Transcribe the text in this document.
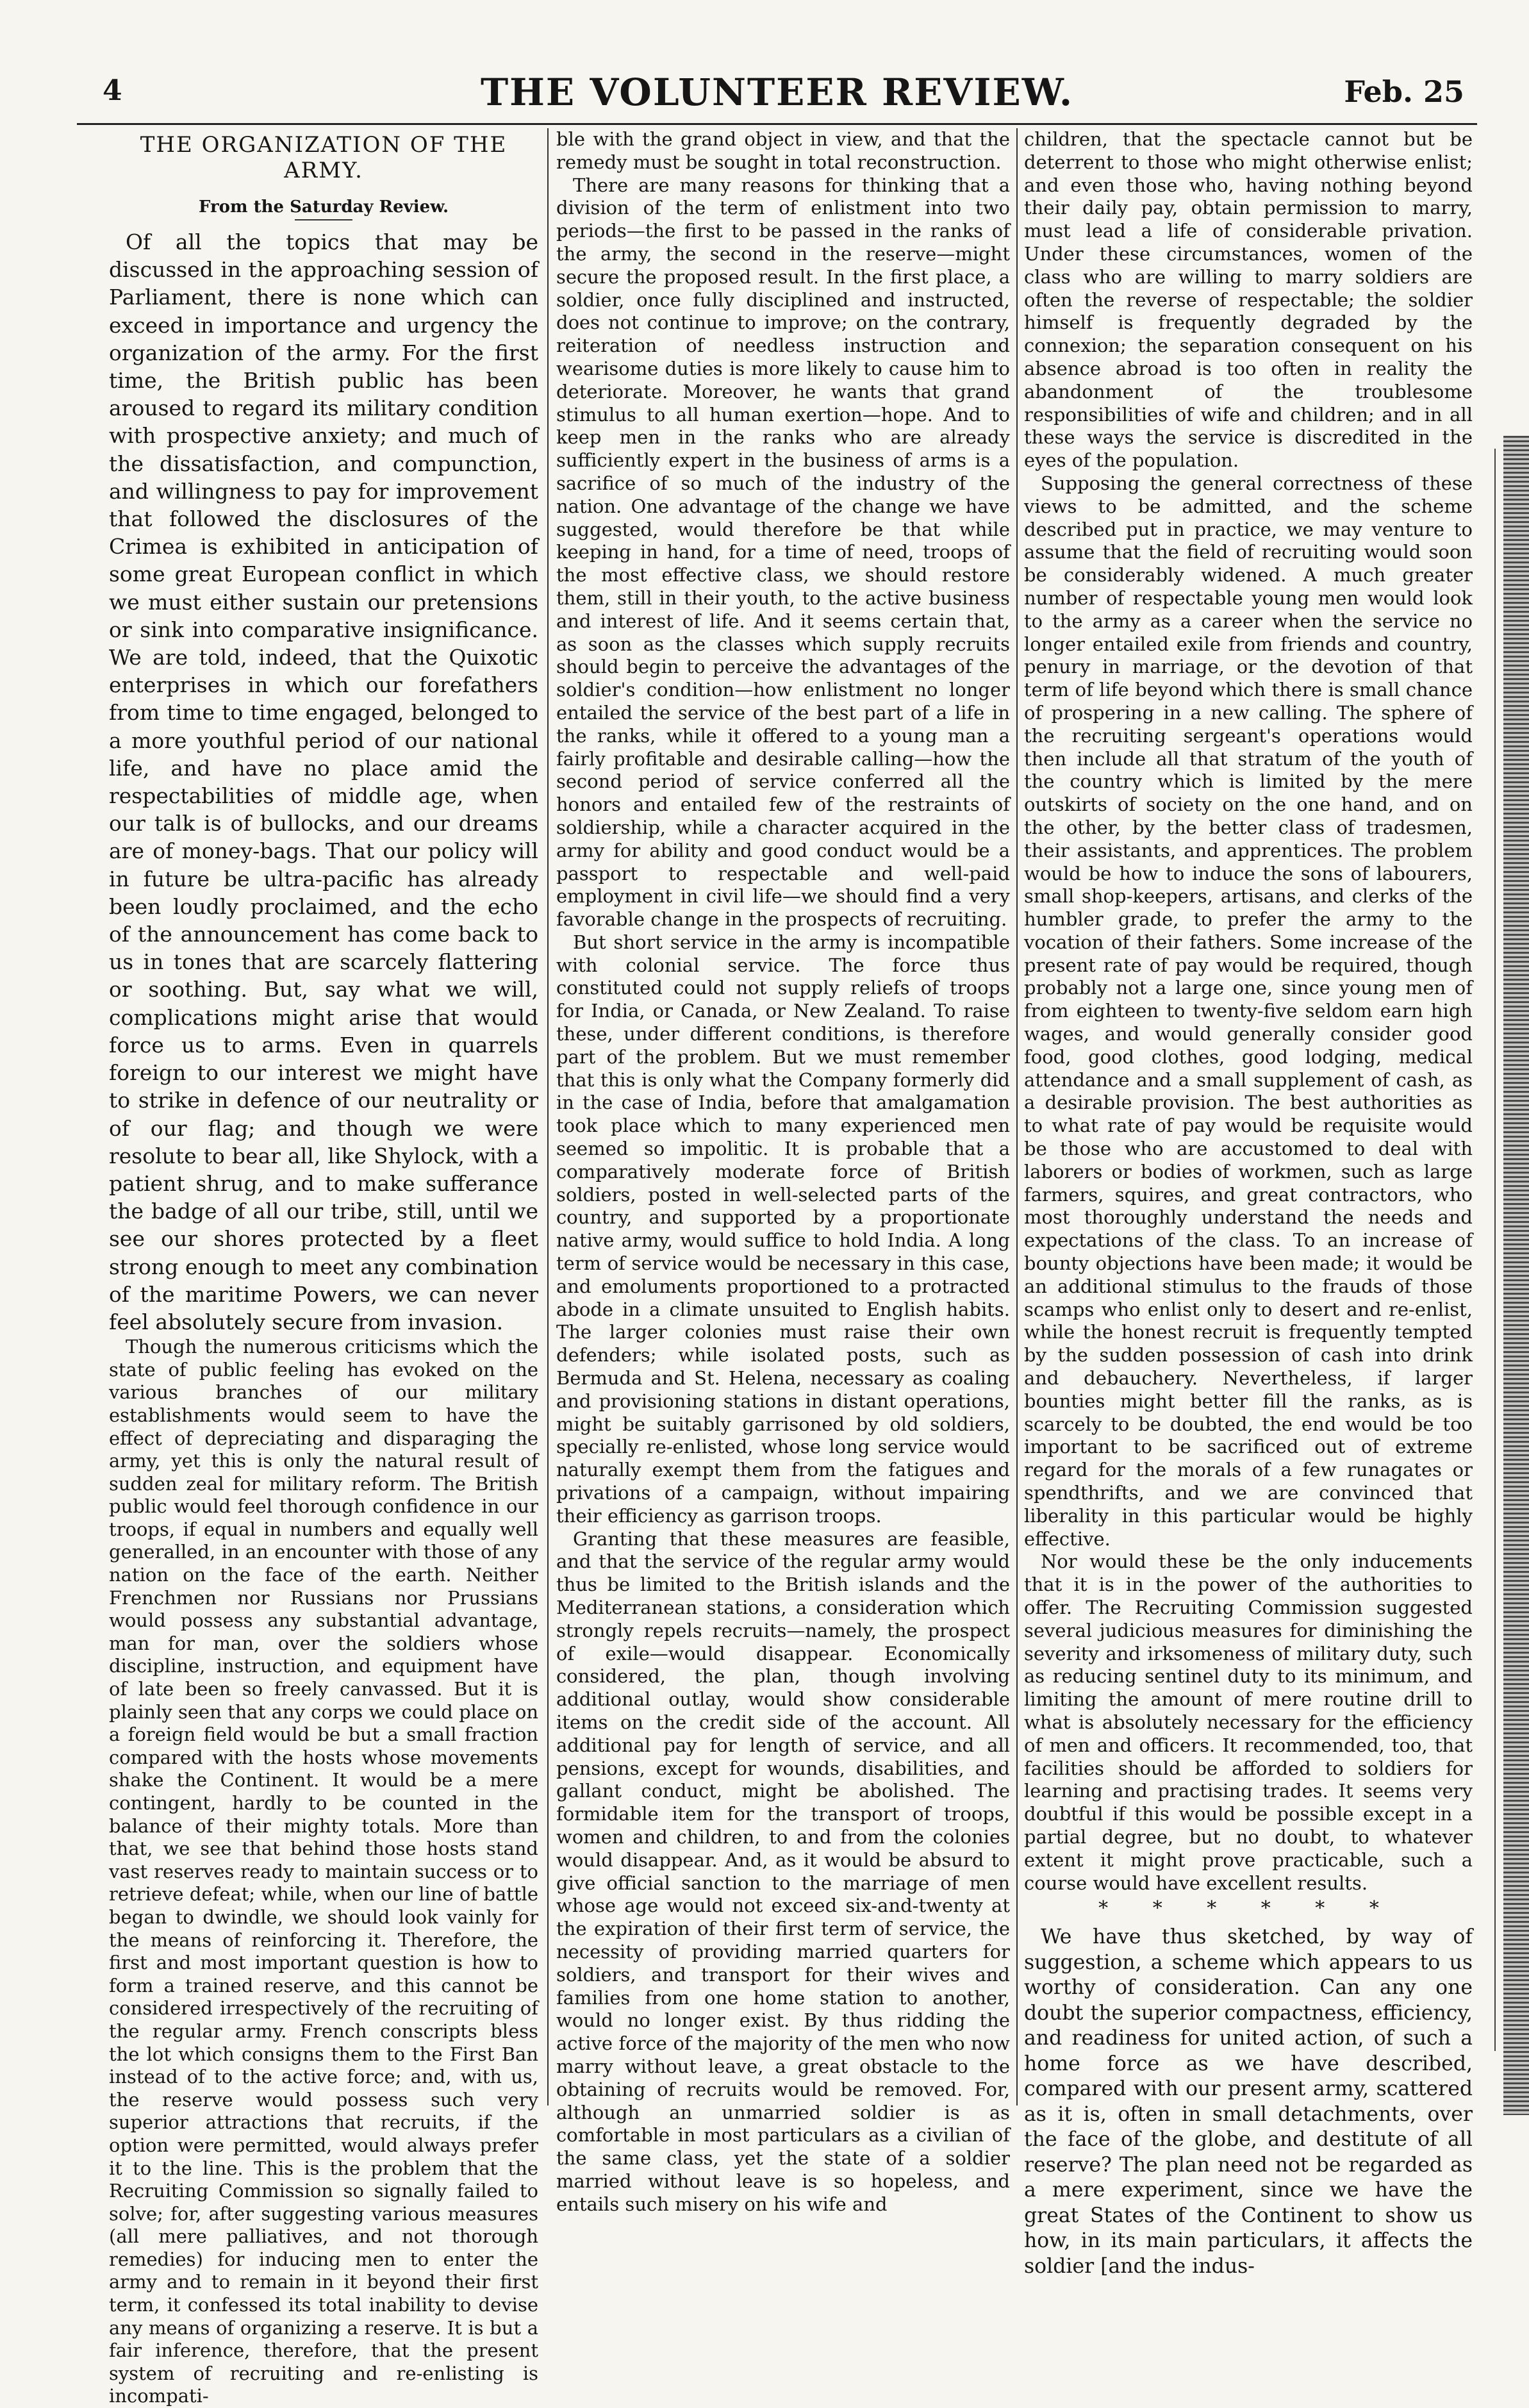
4	THE VOLUNTEER REVIEW.	Feb. 25
THE ORGANIZATION OF THE ARMY.
From the Saturday Review.

Of all the topics that may be discussed in the approaching session of Parliament, there is none which can exceed in importance and urgency the organization of the army. For the first time, the British public has been aroused to regard its military condition with prospective anxiety; and much of the dissatisfaction, and compunction, and willingness to pay for improvement that followed the disclosures of the Crimea is exhibited in anticipation of some great European conflict in which we must either sustain our pretensions or sink into comparative insignificance. We are told, indeed, that the Quixotic enterprises in which our forefathers from time to time engaged, belonged to a more youthful period of our national life, and have no place amid the respectabilities of middle age, when our talk is of bullocks, and our dreams are of money-bags. That our policy will in future be ultra-pacific has already been loudly proclaimed, and the echo of the announcement has come back to us in tones that are scarcely flattering or soothing. But, say what we will, complications might arise that would force us to arms. Even in quarrels foreign to our interest we might have to strike in defence of our neutrality or of our flag; and though we were resolute to bear all, like Shylock, with a patient shrug, and to make sufferance the badge of all our tribe, still, until we see our shores protected by a fleet strong enough to meet any combination of the maritime Powers, we can never feel absolutely secure from invasion.

Though the numerous criticisms which the state of public feeling has evoked on the various branches of our military establishments would seem to have the effect of depreciating and disparaging the army, yet this is only the natural result of sudden zeal for military reform. The British public would feel thorough confidence in our troops, if equal in numbers and equally well generalled, in an encounter with those of any nation on the face of the earth. Neither Frenchmen nor Russians nor Prussians would possess any substantial advantage, man for man, over the soldiers whose discipline, instruction, and equipment have of late been so freely canvassed. But it is plainly seen that any corps we could place on a foreign field would be but a small fraction compared with the hosts whose movements shake the Continent. It would be a mere contingent, hardly to be counted in the balance of their mighty totals. More than that, we see that behind those hosts stand vast reserves ready to maintain success or to retrieve defeat; while, when our line of battle began to dwindle, we should look vainly for the means of reinforcing it. Therefore, the first and most important question is how to form a trained reserve, and this cannot be considered irrespectively of the recruiting of the regular army. French conscripts bless the lot which consigns them to the First Ban instead of to the active force; and, with us, the reserve would possess such very superior attractions that recruits, if the option were permitted, would always prefer it to the line. This is the problem that the Recruiting Commission so signally failed to solve; for, after suggesting various measures (all mere palliatives, and not thorough remedies) for inducing men to enter the army and to remain in it beyond their first term, it confessed its total inability to devise any means of organizing a reserve. It is but a fair inference, therefore, that the present system of recruiting and re-enlisting is incompati-

ble with the grand object in view, and that the remedy must be sought in total reconstruction.

There are many reasons for thinking that a division of the term of enlistment into two periods—the first to be passed in the ranks of the army, the second in the reserve—might secure the proposed result. In the first place, a soldier, once fully disciplined and instructed, does not continue to improve; on the contrary, reiteration of needless instruction and wearisome duties is more likely to cause him to deteriorate. Moreover, he wants that grand stimulus to all human exertion—hope. And to keep men in the ranks who are already sufficiently expert in the business of arms is a sacrifice of so much of the industry of the nation. One advantage of the change we have suggested, would therefore be that while keeping in hand, for a time of need, troops of the most effective class, we should restore them, still in their youth, to the active business and interest of life. And it seems certain that, as soon as the classes which supply recruits should begin to perceive the advantages of the soldier's condition—how enlistment no longer entailed the service of the best part of a life in the ranks, while it offered to a young man a fairly profitable and desirable calling—how the second period of service conferred all the honors and entailed few of the restraints of soldiership, while a character acquired in the army for ability and good conduct would be a passport to respectable and well-paid employment in civil life—we should find a very favorable change in the prospects of recruiting.

But short service in the army is incompatible with colonial service. The force thus constituted could not supply reliefs of troops for India, or Canada, or New Zealand. To raise these, under different conditions, is therefore part of the problem. But we must remember that this is only what the Company formerly did in the case of India, before that amalgamation took place which to many experienced men seemed so impolitic. It is probable that a comparatively moderate force of British soldiers, posted in well-selected parts of the country, and supported by a proportionate native army, would suffice to hold India. A long term of service would be necessary in this case, and emoluments proportioned to a protracted abode in a climate unsuited to English habits. The larger colonies must raise their own defenders; while isolated posts, such as Bermuda and St. Helena, necessary as coaling and provisioning stations in distant operations, might be suitably garrisoned by old soldiers, specially re-enlisted, whose long service would naturally exempt them from the fatigues and privations of a campaign, without impairing their efficiency as garrison troops.

Granting that these measures are feasible, and that the service of the regular army would thus be limited to the British islands and the Mediterranean stations, a consideration which strongly repels recruits—namely, the prospect of exile—would disappear. Economically considered, the plan, though involving additional outlay, would show considerable items on the credit side of the account. All additional pay for length of service, and all pensions, except for wounds, disabilities, and gallant conduct, might be abolished. The formidable item for the transport of troops, women and children, to and from the colonies would disappear. And, as it would be absurd to give official sanction to the marriage of men whose age would not exceed six-and-twenty at the expiration of their first term of service, the necessity of providing married quarters for soldiers, and transport for their wives and families from one home station to another, would no longer exist. By thus ridding the active force of the majority of the men who now marry without leave, a great obstacle to the obtaining of recruits would be removed. For, although an unmarried soldier is as comfortable in most particulars as a civilian of the same class, yet the state of a soldier married without leave is so hopeless, and entails such misery on his wife and

children, that the spectacle cannot but be deterrent to those who might otherwise enlist; and even those who, having nothing beyond their daily pay, obtain permission to marry, must lead a life of considerable privation. Under these circumstances, women of the class who are willing to marry soldiers are often the reverse of respectable; the soldier himself is frequently degraded by the connexion; the separation consequent on his absence abroad is too often in reality the abandonment of the troublesome responsibilities of wife and children; and in all these ways the service is discredited in the eyes of the population.

Supposing the general correctness of these views to be admitted, and the scheme described put in practice, we may venture to assume that the field of recruiting would soon be considerably widened. A much greater number of respectable young men would look to the army as a career when the service no longer entailed exile from friends and country, penury in marriage, or the devotion of that term of life beyond which there is small chance of prospering in a new calling. The sphere of the recruiting sergeant's operations would then include all that stratum of the youth of the country which is limited by the mere outskirts of society on the one hand, and on the other, by the better class of tradesmen, their assistants, and apprentices. The problem would be how to induce the sons of labourers, small shop-keepers, artisans, and clerks of the humbler grade, to prefer the army to the vocation of their fathers. Some increase of the present rate of pay would be required, though probably not a large one, since young men of from eighteen to twenty-five seldom earn high wages, and would generally consider good food, good clothes, good lodging, medical attendance and a small supplement of cash, as a desirable provision. The best authorities as to what rate of pay would be requisite would be those who are accustomed to deal with laborers or bodies of workmen, such as large farmers, squires, and great contractors, who most thoroughly understand the needs and expectations of the class. To an increase of bounty objections have been made; it would be an additional stimulus to the frauds of those scamps who enlist only to desert and re-enlist, while the honest recruit is frequently tempted by the sudden possession of cash into drink and debauchery. Nevertheless, if larger bounties might better fill the ranks, as is scarcely to be doubted, the end would be too important to be sacrificed out of extreme regard for the morals of a few runagates or spendthrifts, and we are convinced that liberality in this particular would be highly effective.

Nor would these be the only inducements that it is in the power of the authorities to offer. The Recruiting Commission suggested several judicious measures for diminishing the severity and irksomeness of military duty, such as reducing sentinel duty to its minimum, and limiting the amount of mere routine drill to what is absolutely necessary for the efficiency of men and officers. It recommended, too, that facilities should be afforded to soldiers for learning and practising trades. It seems very doubtful if this would be possible except in a partial degree, but no doubt, to whatever extent it might prove practicable, such a course would have excellent results.

* * * * * *

We have thus sketched, by way of suggestion, a scheme which appears to us worthy of consideration. Can any one doubt the superior compactness, efficiency, and readiness for united action, of such a home force as we have described, compared with our present army, scattered as it is, often in small detachments, over the face of the globe, and destitute of all reserve? The plan need not be regarded as a mere experiment, since we have the great States of the Continent to show us how, in its main particulars, it affects the soldier [and the indus-
